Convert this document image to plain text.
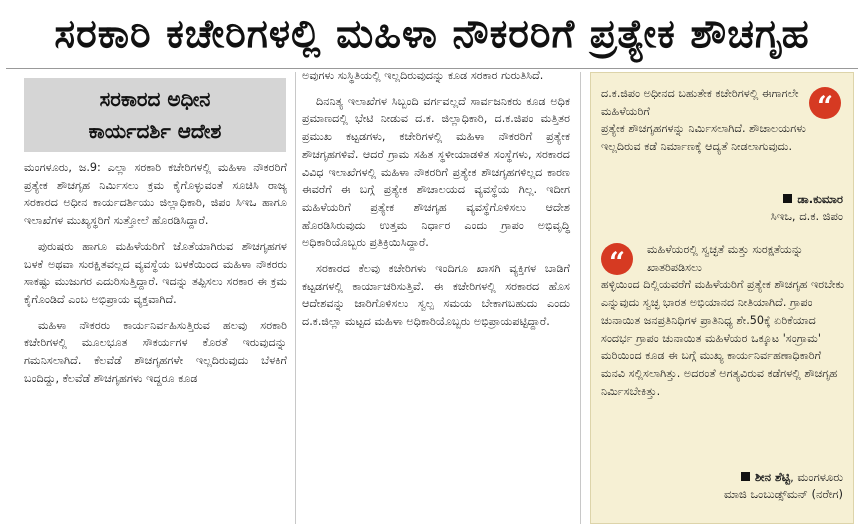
ಸರಕಾರಿ ಕಚೇರಿಗಳಲ್ಲಿ ಮಹಿಳಾ ನೌಕರರಿಗೆ ಪ್ರತ್ಯೇಕ ಶೌಚಗೃಹ
ಸರಕಾರದ ಅಧೀನ
ಕಾರ್ಯದರ್ಶಿ ಆದೇಶ

ಮಂಗಳೂರು, ಜ.9: ಎಲ್ಲಾ ಸರಕಾರಿ ಕಚೇರಿಗಳಲ್ಲಿ ಮಹಿಳಾ ನೌಕರರಿಗೆ ಪ್ರತ್ಯೇಕ ಶೌಚಗೃಹ ನಿರ್ಮಿಸಲು ಕ್ರಮ ಕೈಗೊಳ್ಳುವಂತೆ ಸೂಚಿಸಿ ರಾಜ್ಯ ಸರಕಾರದ ಅಧೀನ ಕಾರ್ಯದರ್ಶಿಯು ಜಿಲ್ಲಾಧಿಕಾರಿ, ಜಿಪಂ ಸಿಇಒ ಹಾಗೂ ಇಲಾಖೆಗಳ ಮುಖ್ಯಸ್ಥರಿಗೆ ಸುತ್ತೋಲೆ ಹೊರಡಿಸಿದ್ದಾರೆ.

ಪುರುಷರು ಹಾಗೂ ಮಹಿಳೆಯರಿಗೆ ಜೊತೆಯಾಗಿರುವ ಶೌಚಗೃಹಗಳ ಬಳಕೆ ಅಥವಾ ಸುರಕ್ಷಿತವಲ್ಲದ ವ್ಯವಸ್ಥೆಯ ಬಳಕೆಯಿಂದ ಮಹಿಳಾ ನೌಕರರು ಸಾಕಷ್ಟು ಮುಜುಗರ ಎದುರಿಸುತ್ತಿದ್ದಾರೆ. ಇದನ್ನು ತಪ್ಪಿಸಲು ಸರಕಾರ ಈ ಕ್ರಮ ಕೈಗೊಂಡಿದೆ ಎಂಬ ಅಭಿಪ್ರಾಯ ವ್ಯಕ್ತವಾಗಿದೆ.

ಮಹಿಳಾ ನೌಕರರು ಕಾರ್ಯನಿರ್ವಹಿಸುತ್ತಿರುವ ಹಲವು ಸರಕಾರಿ ಕಚೇರಿಗಳಲ್ಲಿ ಮೂಲಭೂತ ಸೌಕರ್ಯಗಳ ಕೊರತೆ ಇರುವುದನ್ನು ಗಮನಿಸಲಾಗಿದೆ. ಕೆಲವೆಡೆ ಶೌಚಗೃಹಗಳೇ ಇಲ್ಲದಿರುವುದು ಬೆಳಕಿಗೆ ಬಂದಿದ್ದು, ಕೆಲವೆಡೆ ಶೌಚಗೃಹಗಳು ಇದ್ದರೂ ಕೂಡ

ಅವುಗಳು ಸುಸ್ಥಿತಿಯಲ್ಲಿ ಇಲ್ಲದಿರುವುದನ್ನು ಕೂಡ ಸರಕಾರ ಗುರುತಿಸಿದೆ.

ದಿನನಿತ್ಯ ಇಲಾಖೆಗಳ ಸಿಬ್ಬಂದಿ ವರ್ಗವಲ್ಲದೆ ಸಾರ್ವಜನಿಕರು ಕೂಡ ಅಧಿಕ ಪ್ರಮಾಣದಲ್ಲಿ ಭೇಟಿ ನೀಡುವ ದ.ಕ. ಜಿಲ್ಲಾಧಿಕಾರಿ, ದ.ಕ.ಜಿಪಂ ಮತ್ತಿತರ ಪ್ರಮುಖ ಕಟ್ಟಡಗಳು, ಕಚೇರಿಗಳಲ್ಲಿ ಮಹಿಳಾ ನೌಕರರಿಗೆ ಪ್ರತ್ಯೇಕ ಶೌಚಗೃಹಗಳಿವೆ. ಆದರೆ ಗ್ರಾಮ ಸಹಿತ ಸ್ಥಳೀಯಾಡಳಿತ ಸಂಸ್ಥೆಗಳು, ಸರಕಾರದ ವಿವಿಧ ಇಲಾಖೆಗಳಲ್ಲಿ ಮಹಿಳಾ ನೌಕರರಿಗೆ ಪ್ರತ್ಯೇಕ ಶೌಚಗೃಹಗಳಿಲ್ಲದ ಕಾರಣ ಈವರೆಗೆ ಈ ಬಗ್ಗೆ ಪ್ರತ್ಯೇಕ ಶೌಚಾಲಯದ ವ್ಯವಸ್ಥೆಯ ಗಿಲ್ಲ. ಇದೀಗ ಮಹಿಳೆಯರಿಗೆ ಪ್ರತ್ಯೇಕ ಶೌಚಗೃಹ ವ್ಯವಸ್ಥೆಗೊಳಿಸಲು ಆದೇಶ ಹೊರಡಿಸಿರುವುದು ಉತ್ತಮ ನಿರ್ಧಾರ ಎಂದು ಗ್ರಾಪಂ ಅಭಿವೃದ್ಧಿ ಅಧಿಕಾರಿಯೊಬ್ಬರು ಪ್ರತಿಕ್ರಿಯಿಸಿದ್ದಾರೆ.

ಸರಕಾರದ ಕೆಲವು ಕಚೇರಿಗಳು ಇಂದಿಗೂ ಖಾಸಗಿ ವ್ಯಕ್ತಿಗಳ ಬಾಡಿಗೆ ಕಟ್ಟಡಗಳಲ್ಲಿ ಕಾರ್ಯಾಚರಿಸುತ್ತಿವೆ. ಈ ಕಚೇರಿಗಳಲ್ಲಿ ಸರಕಾರದ ಹೊಸ ಆದೇಶವನ್ನು ಜಾರಿಗೊಳಿಸಲು ಸ್ವಲ್ಪ ಸಮಯ ಬೇಕಾಗಬಹುದು ಎಂದು ದ.ಕ.ಜಿಲ್ಲಾ ಮಟ್ಟದ ಮಹಿಳಾ ಅಧಿಕಾರಿಯೊಬ್ಬರು ಅಭಿಪ್ರಾಯಪಟ್ಟಿದ್ದಾರೆ.

“
ದ.ಕ.ಜಿಪಂ ಅಧೀನದ ಬಹುತೇಕ ಕಚೇರಿಗಳಲ್ಲಿ ಈಗಾಗಲೇ ಮಹಿಳೆಯರಿಗೆ
ಪ್ರತ್ಯೇಕ ಶೌಚಗೃಹಗಳನ್ನು ನಿರ್ಮಿಸಲಾಗಿದೆ. ಶೌಚಾಲಯಗಳು ಇಲ್ಲದಿರುವ ಕಡೆ ನಿರ್ಮಾಣಕ್ಕೆ ಆದ್ಯತೆ ನೀಡಲಾಗುವುದು.
ಡಾ.ಕುಮಾರ
ಸಿಇಒ, ದ.ಕ. ಜಿಪಂ
“	ಮಹಿಳೆಯರಲ್ಲಿ ಸ್ವಚ್ಛತೆ ಮತ್ತು ಸುರಕ್ಷತೆಯನ್ನು ಖಾತರಿಪಡಿಸಲು
ಹಳ್ಳಿಯಿಂದ ದಿಲ್ಲಿಯವರೆಗೆ ಮಹಿಳೆಯರಿಗೆ ಪ್ರತ್ಯೇಕ ಶೌಚಗೃಹ ಇರಬೇಕು ಎನ್ನುವುದು ಸ್ವಚ್ಛ ಭಾರತ ಅಭಿಯಾನದ ನೀತಿಯಾಗಿದೆ. ಗ್ರಾಪಂ ಚುನಾಯಿತ ಜನಪ್ರತಿನಿಧಿಗಳ ಪ್ರಾತಿನಿಧ್ಯ ಶೇ.50ಕ್ಕೆ ಏರಿಕೆಯಾದ ಸಂದರ್ಭ ಗ್ರಾಪಂ ಚುನಾಯಿತ ಮಹಿಳೆಯರ ಒಕ್ಕೂಟ 'ಸಂಗ್ರಾಮ' ಮರಿಯಿಂದ ಕೂಡ ಈ ಬಗ್ಗೆ ಮುಖ್ಯ ಕಾರ್ಯನಿರ್ವಹಣಾಧಿಕಾರಿಗೆ ಮನವಿ ಸಲ್ಲಿಸಲಾಗಿತ್ತು. ಅದರಂತೆ ಅಗತ್ಯವಿರುವ ಕಡೆಗಳಲ್ಲಿ ಶೌಚಗೃಹ ನಿರ್ಮಿಸಬೇಕಿತ್ತು.
ಶೀನ ಶೆಟ್ಟಿ, ಮಂಗಳೂರು
ಮಾಜಿ ಒಂಬುಡ್ಸ್‌ಮನ್ (ನರೇಗ)
